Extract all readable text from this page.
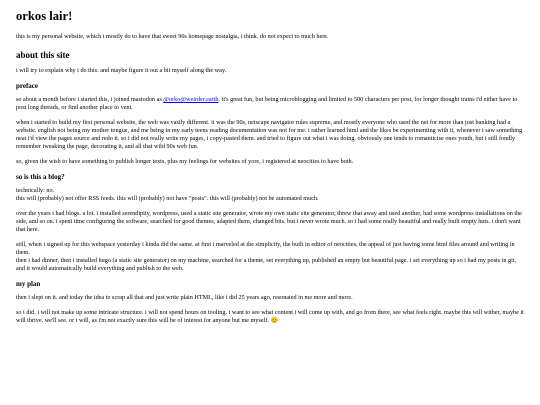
orkos lair!

this is my personal website, which i mostly do to have that sweet 90s homepage nostalgia, i think. do not expect to much here.

about this site

i will try to explain why i do this. and maybe figure it out a bit myself along the way.

preface

so about a month before i started this, i joined mastodon as @orko@weirder.earth. it's great fun, but being microblogging and limited to 500 characters per post, for longer thought trains i'd either have to post long threads, or find another place to vent.

when i started to build my first personal website, the web was vastly different. it was the 90s, netscape navigator rules supreme, and mostly everyone who used the net for more than just banking had a website. english not being my mother tongue, and me being in my early teens reading documentation was not for me. i rather learned html and the likes be experimenting with it, whenever i saw something neat i'd view the pages source and redo it. so i did not really write my pages, i copy-pasted them. and tried to figure out what i was doing. obviously one tends to romanticise ones youth, but i still fondly remember tweaking the page, decorating it, and all that wild 90s web fun.

so, given the wish to have something to publish longer texts, plus my feelings for websites of yore, i registered at neocities to have both.

so is this a blog?

technically: no.
this will (probably) not offer RSS feeds. this will (probably) not have "posts". this will (probably) not be automated much.

over the years i had blogs. a lot. i installed serendipity, wordpress, used a static site generator, wrote my own static site generator, threw that away and used another, had some wordpress installations on the side, and so on. i spent time configuring the software, searched for good themes, adapted them, changed bits. but i never wrote much. so i had some really beautiful and really built empty huts. i don't want that here.

still, when i signed up for this webspace yesterday i kinda did the same. at first i marveled at the simplicity, the built in editor of neocities, the appeal of just having some html files around and writing in them.
then i had dinner, then i installed hugo (a static site generator) on my machine, searched for a theme, set everything up, published an empty but beautiful page. i set everything up so i had my posts in git, and it would automatically build everything and publish to the web.

my plan

then i slept on it. and today the idea to scrap all that and just write plain HTML, like i did 25 years ago, resonated in me more and more.

so i did. i will not make up some intricate structure. i will not spend hours on tooling. i want to see what content i will come up with, and go from there, see what feels right. maybe this will wither, maybe it will thrive. we'll see. or i will, as i'm not exactly sure this will be of interest for anyone but me myself. 😊
